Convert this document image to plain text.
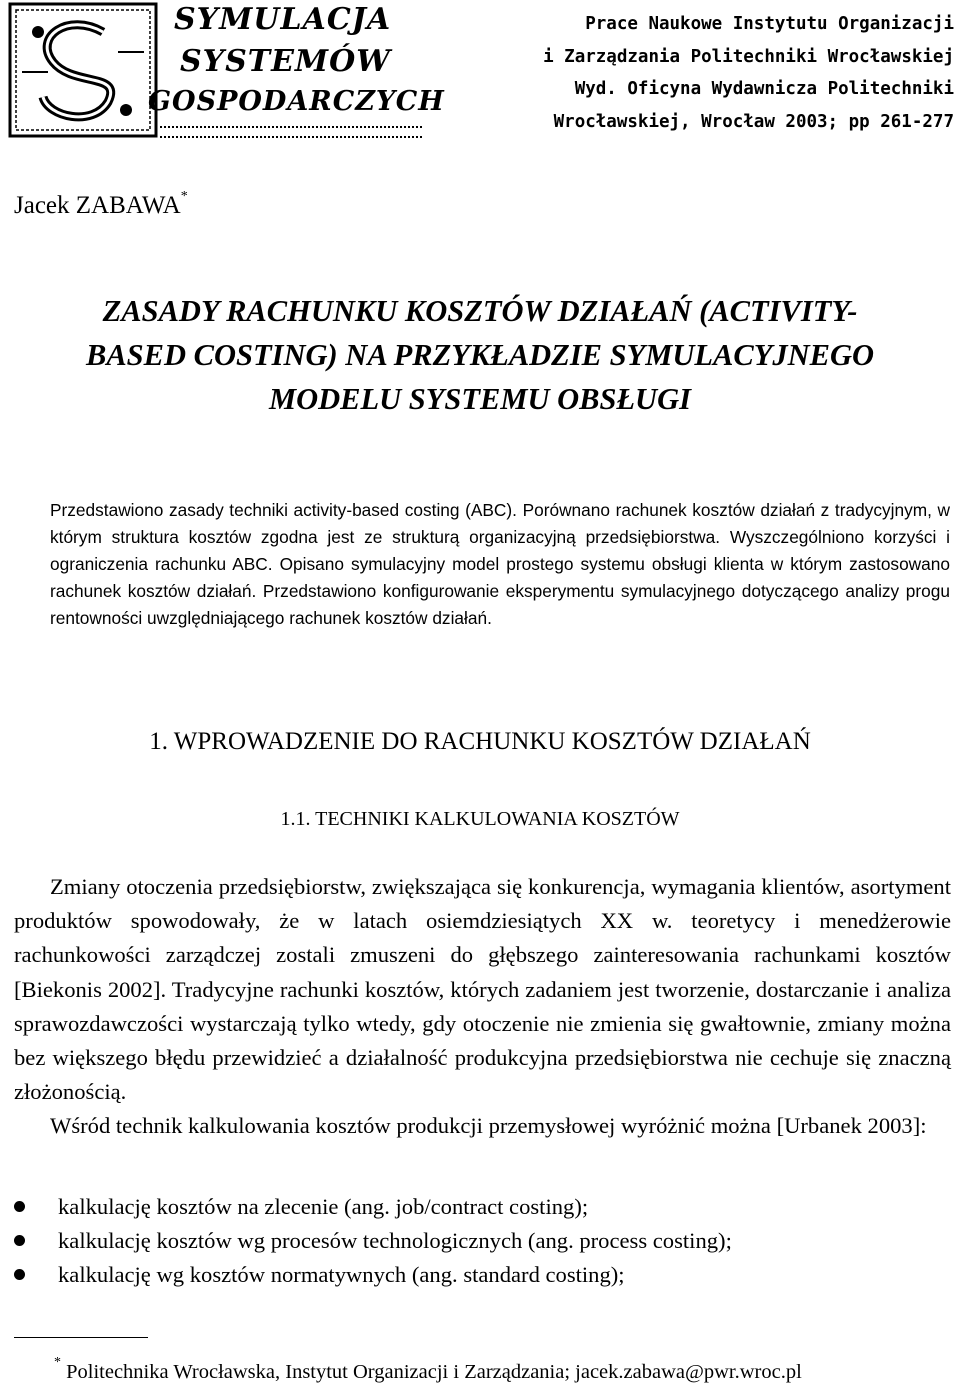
SYMULACJA
SYSTEMÓW
GOSPODARCZYCH
Prace Naukowe Instytutu Organizacji
i Zarządzania Politechniki Wrocławskiej
Wyd. Oficyna Wydawnicza Politechniki
Wrocławskiej, Wrocław 2003; pp 261-277
Jacek ZABAWA*
ZASADY RACHUNKU KOSZTÓW DZIAŁAŃ (ACTIVITY-
BASED COSTING) NA PRZYKŁADZIE SYMULACYJNEGO
MODELU SYSTEMU OBSŁUGI
Przedstawiono zasady techniki activity-based costing (ABC). Porównano rachunek kosztów działań z tradycyjnym, w którym struktura kosztów zgodna jest ze strukturą organizacyjną przedsiębiorstwa. Wyszczególniono korzyści i ograniczenia rachunku ABC. Opisano symulacyjny model prostego systemu obsługi klienta w którym zastosowano rachunek kosztów działań. Przedstawiono konfigurowanie eksperymentu symulacyjnego dotyczącego analizy progu rentowności uwzględniającego rachunek kosztów działań.
1. WPROWADZENIE DO RACHUNKU KOSZTÓW DZIAŁAŃ
1.1. TECHNIKI KALKULOWANIA KOSZTÓW

Zmiany otoczenia przedsiębiorstw, zwiększająca się konkurencja, wymagania klientów, asortyment produktów spowodowały, że w latach osiemdziesiątych XX w. teoretycy i menedżerowie rachunkowości zarządczej zostali zmuszeni do głębszego zainteresowania rachunkami kosztów [Biekonis 2002]. Tradycyjne rachunki kosztów, których zadaniem jest tworzenie, dostarczanie i analiza sprawozdawczości wystarczają tylko wtedy, gdy otoczenie nie zmienia się gwałtownie, zmiany można bez większego błędu przewidzieć a działalność produkcyjna przedsiębiorstwa nie cechuje się znaczną złożonością.

Wśród technik kalkulowania kosztów produkcji przemysłowej wyróżnić można [Urbanek 2003]:

kalkulację kosztów na zlecenie (ang. job/contract costing);
kalkulację kosztów wg procesów technologicznych (ang. process costing);
kalkulację wg kosztów normatywnych (ang. standard costing);
* Politechnika Wrocławska, Instytut Organizacji i Zarządzania; jacek.zabawa@pwr.wroc.pl
